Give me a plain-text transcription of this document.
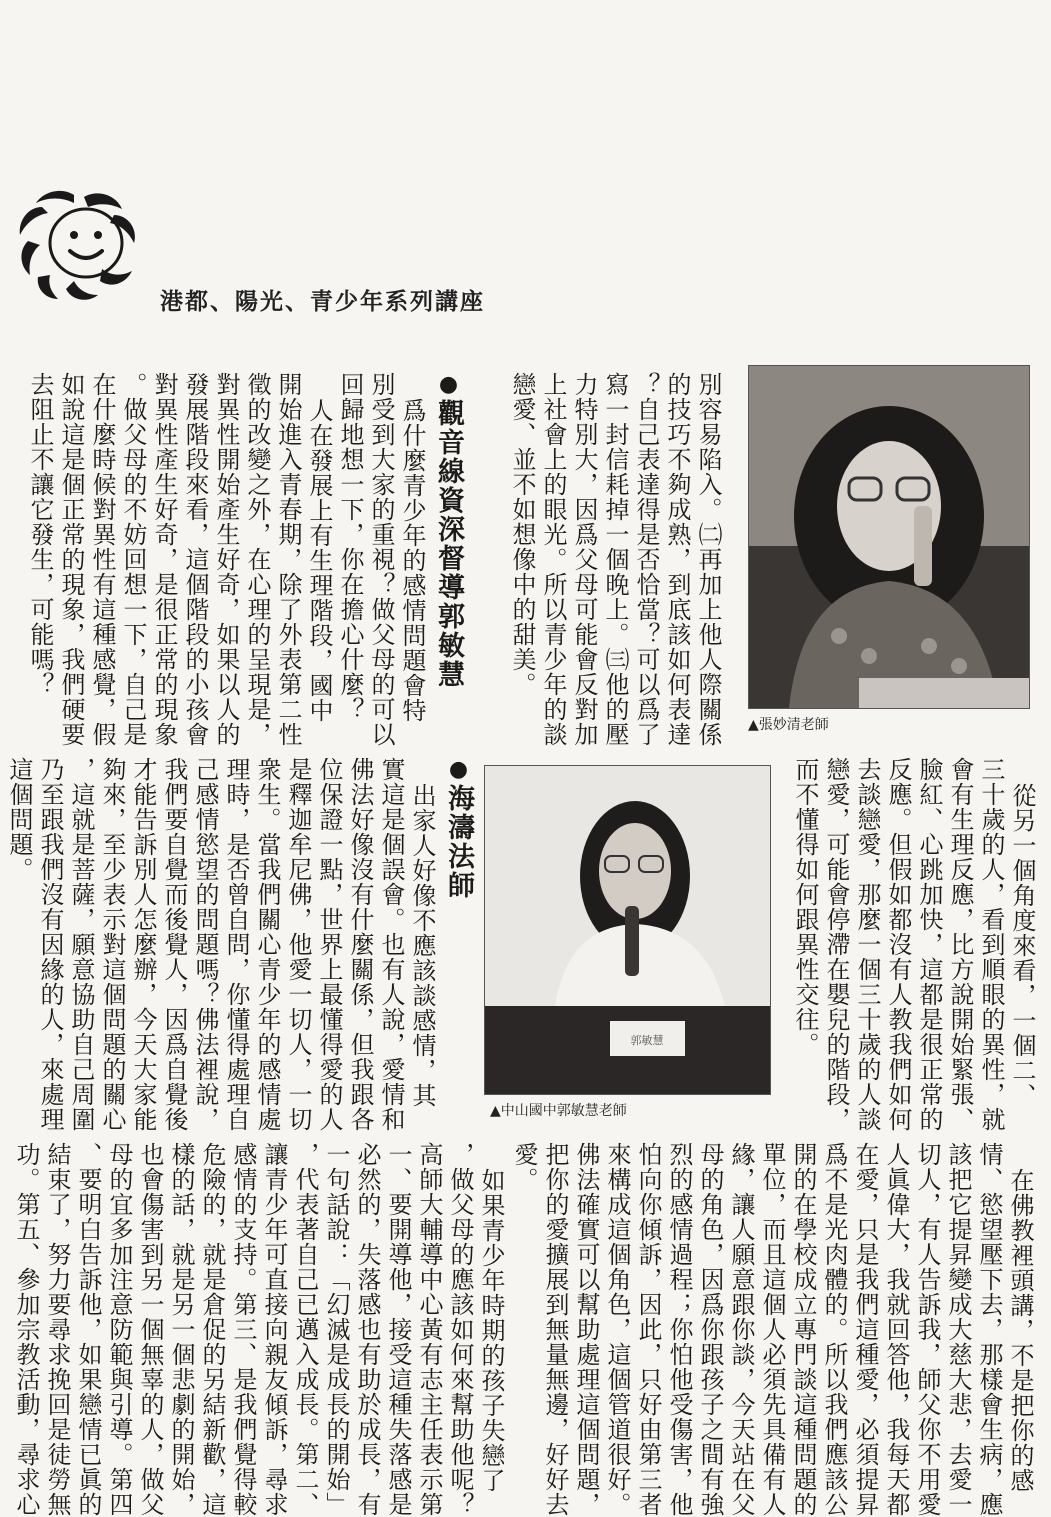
港都、陽光、青少年系列講座
別容易陷入。㈡再加上他人際關係
的技巧不夠成熟，到底該如何表達
？自己表達得是否恰當？可以爲了
寫一封信耗掉一個晚上。㈢他的壓
力特別大，因爲父母可能會反對加
上社會上的眼光。所以青少年的談
戀愛、並不如想像中的甜美。
▲張妙清老師
●觀音線資深督導郭敏慧
爲什麼青少年的感情問題會特
別受到大家的重視？做父母的可以
回歸地想一下，你在擔心什麼？
人在發展上有生理階段，國中
開始進入青春期，除了外表第二性
徵的改變之外，在心理的呈現是，
對異性開始產生好奇，如果以人的
發展階段來看，這個階段的小孩會
對異性產生好奇，是很正常的現象
。做父母的不妨回想一下，自己是
在什麼時候對異性有這種感覺，假
如說這是個正常的現象，我們硬要
去阻止不讓它發生，可能嗎？
從另一個角度來看，一個二、
三十歲的人，看到順眼的異性，就
會有生理反應，比方說開始緊張、
臉紅、心跳加快，這都是很正常的
反應。但假如都沒有人教我們如何
去談戀愛，那麼一個三十歲的人談
戀愛，可能會停滯在嬰兒的階段，
而不懂得如何跟異性交往。
郭敏慧
▲中山國中郭敏慧老師
●海濤法師
出家人好像不應該談感情，其
實這是個誤會。也有人說，愛情和
佛法好像沒有什麼關係，但我跟各
位保證一點，世界上最懂得愛的人
是釋迦牟尼佛，他愛一切人，一切
衆生。當我們關心青少年的感情處
理時，是否曾自問，你懂得處理自
己感情慾望的問題嗎？佛法裡說，
我們要自覺而後覺人，因爲自覺後
才能告訴別人怎麼辦，今天大家能
夠來，至少表示對這個問題的關心
，這就是菩薩，願意協助自己周圍
乃至跟我們沒有因緣的人，來處理
這個問題。
在佛教裡頭講，不是把你的感
情、慾望壓下去，那樣會生病，應
該把它提昇變成大慈大悲，去愛一
切人，有人告訴我，師父你不用愛
人眞偉大，我就回答他，我每天都
在愛，只是我們這種愛，必須提昇
爲不是光肉體的。所以我們應該公
開的在學校成立專門談這種問題的
單位，而且這個人必須先具備有人
緣，讓人願意跟你談，今天站在父
母的角色，因爲你跟孩子之間有強
烈的感情過程；你怕他受傷害，他
怕向你傾訴，因此，只好由第三者
來構成這個角色，這個管道很好。
佛法確實可以幫助處理這個問題，
把你的愛擴展到無量無邊，好好去
愛。
如果青少年時期的孩子失戀了
，做父母的應該如何來幫助他呢？
高師大輔導中心黃有志主任表示第
一、要開導他，接受這種失落感是
必然的，失落感也有助於成長，有
一句話說：「幻滅是成長的開始」
，代表著自己已邁入成長。第二、
讓青少年可直接向親友傾訴，尋求
感情的支持。第三、是我們覺得較
危險的，就是倉促的另結新歡，這
樣的話，就是另一個悲劇的開始，
也會傷害到另一個無辜的人，做父
母的宜多加注意防範與引導。第四
、要明白告訴他，如果戀情已眞的
結束了，努力要尋求挽回是徒勞無
功。第五、參加宗教活動，尋求心
